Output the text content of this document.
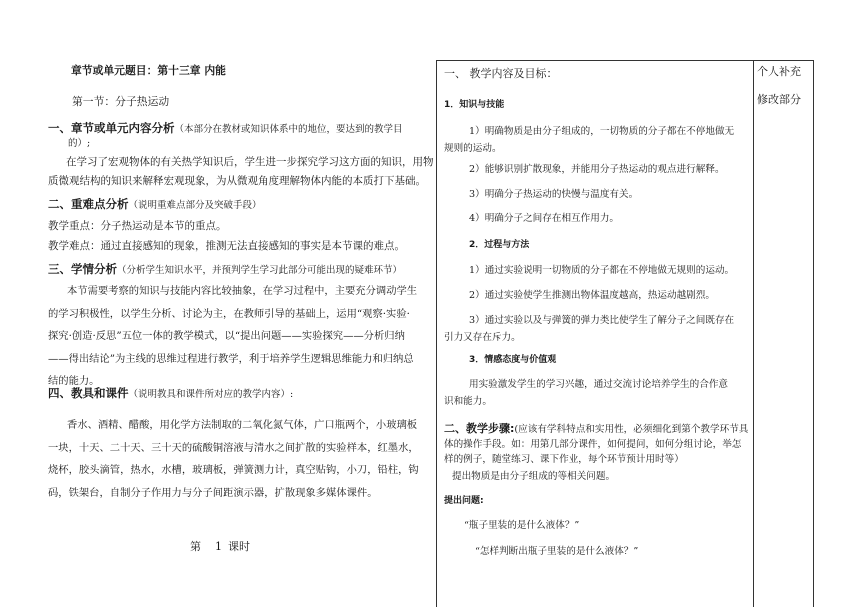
章节或单元题目：第十三章 内能
第一节：分子热运动
一、章节或单元内容分析（本部分在教材或知识体系中的地位，要达到的教学目
的）;
在学习了宏观物体的有关热学知识后，学生进一步探究学习这方面的知识，用物
质微观结构的知识来解释宏观现象，为从微观角度理解物体内能的本质打下基础。
二、重难点分析（说明重难点部分及突破手段）
教学重点：分子热运动是本节的重点。
教学难点：通过直接感知的现象，推测无法直接感知的事实是本节课的难点。
三、学情分析（分析学生知识水平，并预判学生学习此部分可能出现的疑难环节）
本节需要考察的知识与技能内容比较抽象，在学习过程中，主要充分调动学生的学习积极性，以学生分析、讨论为主，在教师引导的基础上，运用“观察·实验·探究·创造·反思”五位一体的教学模式，以“提出问题——实验探究——分析归纳——得出结论”为主线的思维过程进行教学，利于培养学生逻辑思维能力和归纳总结的能力。
四、教具和课件（说明教具和课件所对应的教学内容）:
香水、酒精、醋酸，用化学方法制取的二氧化氮气体，广口瓶两个，小玻璃板一块，十天、二十天、三十天的硫酸铜溶液与清水之间扩散的实验样本，红墨水，烧杯，胶头滴管，热水，水槽，玻璃板，弹簧测力计，真空贴钩，小刀，铅柱，钩码，铁架台，自制分子作用力与分子间距演示器，扩散现象多媒体课件。
第 1 课时
一、 教学内容及目标：	个人补充
修改部分
1．知识与技能
1）明确物质是由分子组成的，一切物质的分子都在不停地做无
规则的运动。
2）能够识别扩散现象，并能用分子热运动的观点进行解释。
3）明确分子热运动的快慢与温度有关。
4）明确分子之间存在相互作用力。
2．过程与方法
1）通过实验说明一切物质的分子都在不停地做无规则的运动。
2）通过实验使学生推测出物体温度越高，热运动越剧烈。
3）通过实验以及与弹簧的弹力类比使学生了解分子之间既存在
引力又存在斥力。
3．情感态度与价值观
用实验激发学生的学习兴趣，通过交流讨论培养学生的合作意
识和能力。
二、教学步骤:(应该有学科特点和实用性，必须细化到第个教学环节具体的操作手段。如：用第几部分课件，如何提问，如何分组讨论，举怎样的例子，随堂练习、课下作业，每个环节预计用时等）
提出物质是由分子组成的等相关问题。
提出问题:
“瓶子里装的是什么液体？”
“怎样判断出瓶子里装的是什么液体？”
